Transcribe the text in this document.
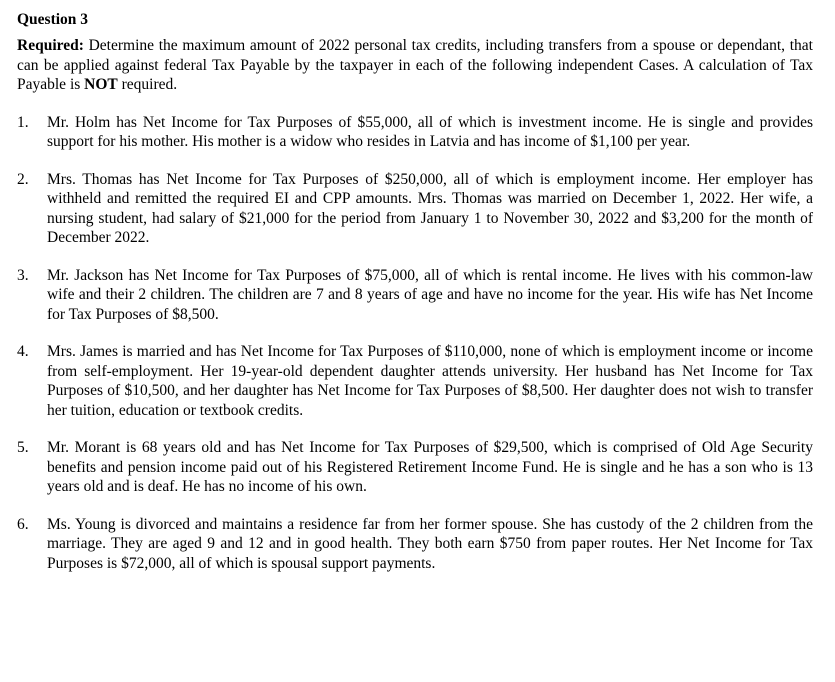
Question 3
Required: Determine the maximum amount of 2022 personal tax credits, including transfers from a spouse or dependant, that can be applied against federal Tax Payable by the taxpayer in each of the following independent Cases. A calculation of Tax Payable is NOT required.
1.	Mr. Holm has Net Income for Tax Purposes of $55,000, all of which is investment income. He is single and provides support for his mother. His mother is a widow who resides in Latvia and has income of $1,100 per year.
2.	Mrs. Thomas has Net Income for Tax Purposes of $250,000, all of which is employment income. Her employer has withheld and remitted the required EI and CPP amounts. Mrs. Thomas was married on December 1, 2022. Her wife, a nursing student, had salary of $21,000 for the period from January 1 to November 30, 2022 and $3,200 for the month of December 2022.
3.	Mr. Jackson has Net Income for Tax Purposes of $75,000, all of which is rental income. He lives with his common-law wife and their 2 children. The children are 7 and 8 years of age and have no income for the year. His wife has Net Income for Tax Purposes of $8,500.
4.	Mrs. James is married and has Net Income for Tax Purposes of $110,000, none of which is employment income or income from self-employment. Her 19-year-old dependent daughter attends university. Her husband has Net Income for Tax Purposes of $10,500, and her daughter has Net Income for Tax Purposes of $8,500. Her daughter does not wish to transfer her tuition, education or textbook credits.
5.	Mr. Morant is 68 years old and has Net Income for Tax Purposes of $29,500, which is comprised of Old Age Security benefits and pension income paid out of his Registered Retirement Income Fund. He is single and he has a son who is 13 years old and is deaf. He has no income of his own.
6.	Ms. Young is divorced and maintains a residence far from her former spouse. She has custody of the 2 children from the marriage. They are aged 9 and 12 and in good health. They both earn $750 from paper routes. Her Net Income for Tax Purposes is $72,000, all of which is spousal support payments.
